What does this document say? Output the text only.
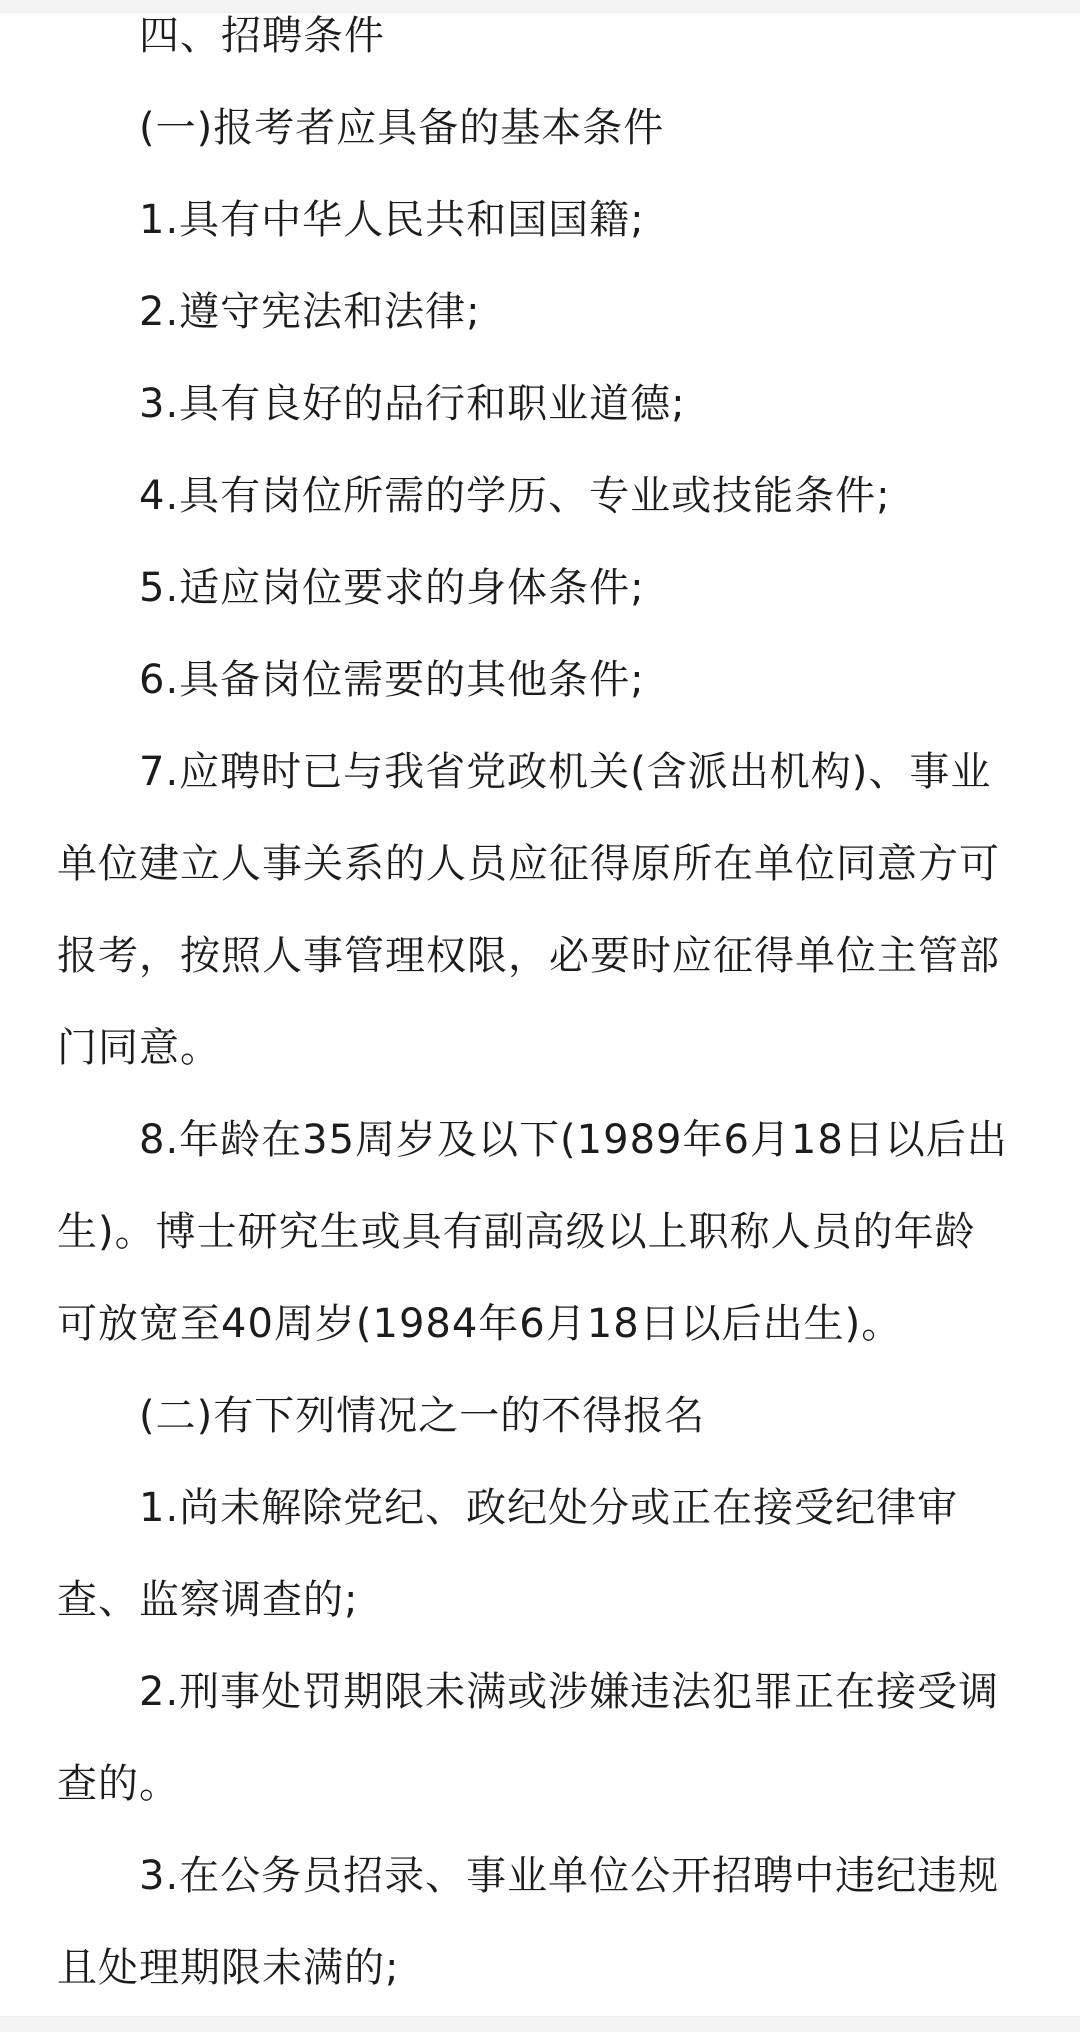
四、招聘条件
(一)报考者应具备的基本条件
1.具有中华人民共和国国籍;
2.遵守宪法和法律;
3.具有良好的品行和职业道德;
4.具有岗位所需的学历、专业或技能条件;
5.适应岗位要求的身体条件;
6.具备岗位需要的其他条件;
7.应聘时已与我省党政机关(含派出机构)、事业
单位建立人事关系的人员应征得原所在单位同意方可
报考，按照人事管理权限，必要时应征得单位主管部
门同意。
8.年龄在35周岁及以下(1989年6月18日以后出
生)。博士研究生或具有副高级以上职称人员的年龄
可放宽至40周岁(1984年6月18日以后出生)。
(二)有下列情况之一的不得报名
1.尚未解除党纪、政纪处分或正在接受纪律审
查、监察调查的;
2.刑事处罚期限未满或涉嫌违法犯罪正在接受调
查的。
3.在公务员招录、事业单位公开招聘中违纪违规
且处理期限未满的;
